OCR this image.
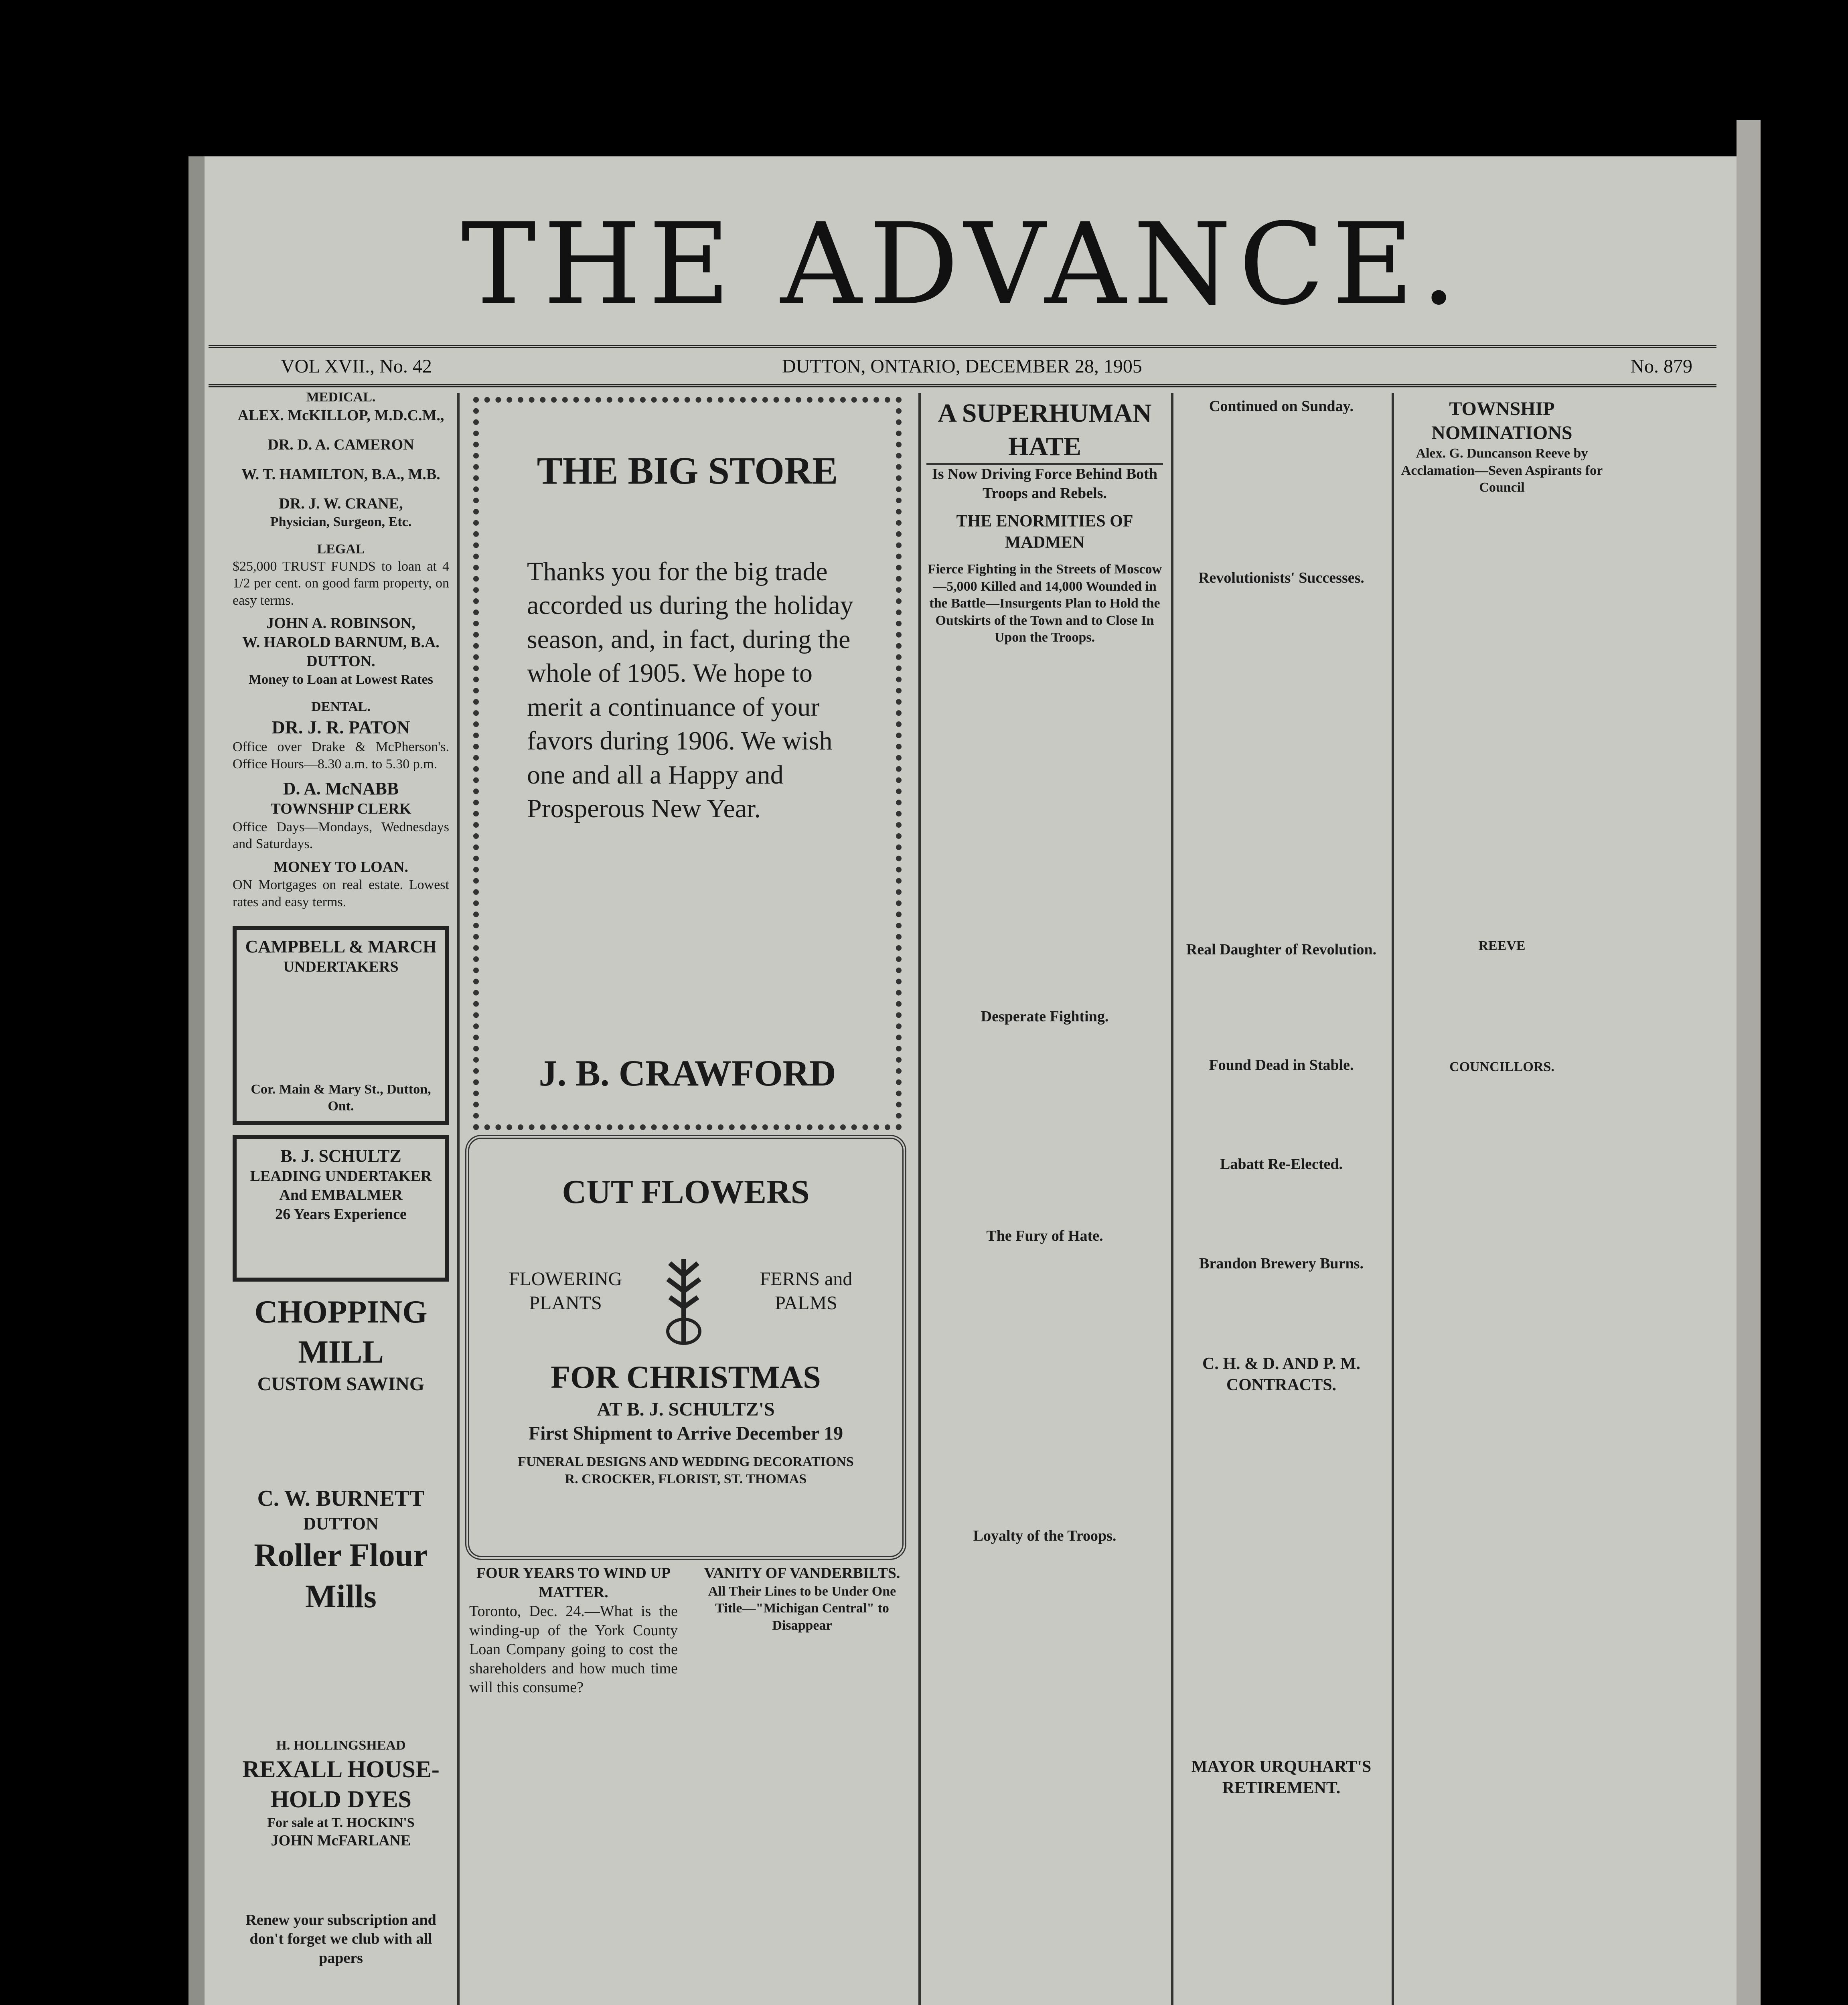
THE ADVANCE.
VOL XVII., No. 42	DUTTON, ONTARIO, DECEMBER 28, 1905	No. 879
MEDICAL.
ALEX. McKILLOP, M.D.C.M.,
DR. D. A. CAMERON
W. T. HAMILTON, B.A., M.B.
DR. J. W. CRANE,
Physician, Surgeon, Etc.
LEGAL

$25,000 TRUST FUNDS to loan at 4 1/2 per cent. on good farm property, on easy terms.

JOHN A. ROBINSON,
W. HAROLD BARNUM, B.A.
DUTTON.
Money to Loan at Lowest Rates
DENTAL.
DR. J. R. PATON

Office over Drake & McPherson's. Office Hours—8.30 a.m. to 5.30 p.m.

D. A. McNABB
TOWNSHIP CLERK

Office Days—Mondays, Wednesdays and Saturdays.

MONEY TO LOAN.

ON Mortgages on real estate. Lowest rates and easy terms.

CAMPBELL & MARCH
UNDERTAKERS
Cor. Main & Mary St., Dutton, Ont.
B. J. SCHULTZ
LEADING UNDERTAKER And EMBALMER
26 Years Experience
CHOPPING MILL
CUSTOM SAWING
C. W. BURNETT
DUTTON
Roller Flour Mills
H. HOLLINGSHEAD
REXALL HOUSE-HOLD DYES
For sale at T. HOCKIN'S
JOHN McFARLANE
Renew your subscription and don't forget we club with all papers
THE BIG STORE
Thanks you for the big trade accorded us during the holiday season, and, in fact, during the whole of 1905. We hope to merit a continuance of your favors during 1906. We wish one and all a Happy and Prosperous New Year.
J. B. CRAWFORD
CUT FLOWERS
FLOWERING PLANTS
FERNS and PALMS
FOR CHRISTMAS
AT B. J. SCHULTZ'S
First Shipment to Arrive December 19
FUNERAL DESIGNS AND WEDDING DECORATIONS
R. CROCKER, FLORIST, ST. THOMAS
FOUR YEARS TO WIND UP MATTER.

Toronto, Dec. 24.—What is the winding-up of the York County Loan Company going to cost the shareholders and how much time will this consume?

VANITY OF VANDERBILTS.
All Their Lines to be Under One Title—"Michigan Central" to Disappear
A SUPERHUMAN HATE
Is Now Driving Force Behind Both Troops and Rebels.
THE ENORMITIES OF MADMEN
Fierce Fighting in the Streets of Moscow—5,000 Killed and 14,000 Wounded in the Battle—Insurgents Plan to Hold the Outskirts of the Town and to Close In Upon the Troops.
Desperate Fighting.
The Fury of Hate.
Loyalty of the Troops.
Continued on Sunday.
Revolutionists' Successes.
Real Daughter of Revolution.
Found Dead in Stable.
Labatt Re-Elected.
Brandon Brewery Burns.
C. H. & D. AND P. M. CONTRACTS.
MAYOR URQUHART'S RETIREMENT.
TOWNSHIP NOMINATIONS
Alex. G. Duncanson Reeve by Acclamation—Seven Aspirants for Council
REEVE
COUNCILLORS.
